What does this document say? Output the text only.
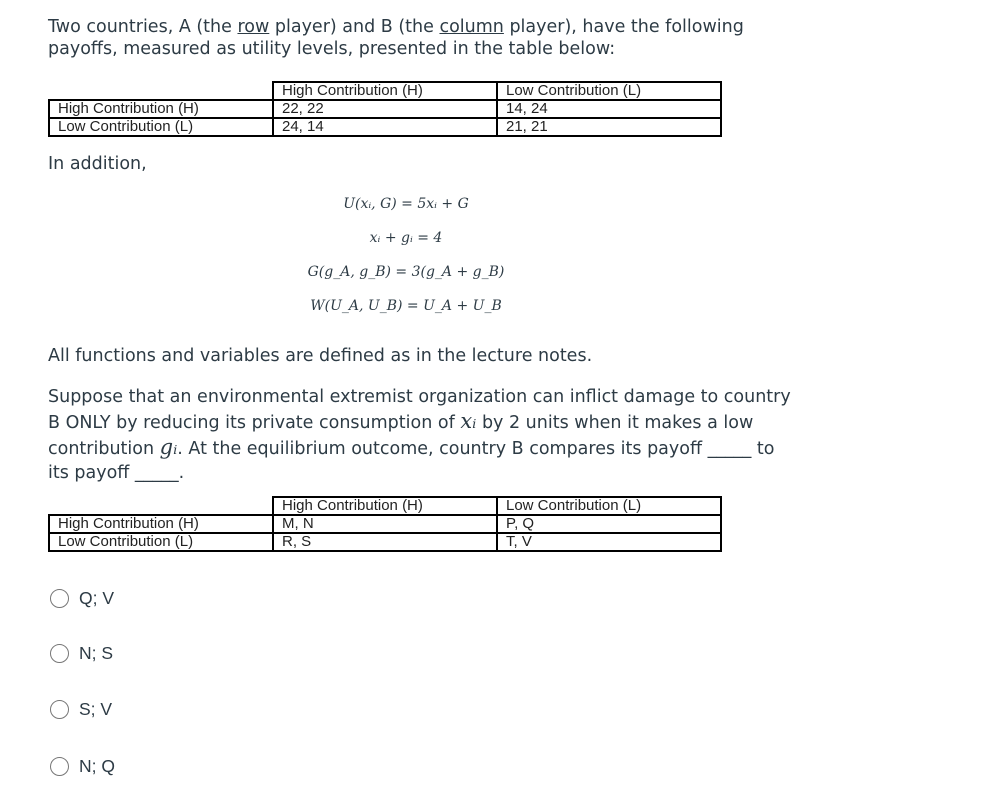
Two countries, A (the row player) and B (the column player), have the following
payoffs, measured as utility levels, presented in the table below:
	High Contribution (H)	Low Contribution (L)
High Contribution (H)	22, 22	14, 24
Low Contribution (L)	24, 14	21, 21
In addition,
U(xᵢ, G) = 5xᵢ + G
xᵢ + gᵢ = 4
G(g_A, g_B) = 3(g_A + g_B)
W(U_A, U_B) = U_A + U_B
All functions and variables are defined as in the lecture notes.
Suppose that an environmental extremist organization can inflict damage to country
B ONLY by reducing its private consumption of xᵢ by 2 units when it makes a low
contribution gᵢ. At the equilibrium outcome, country B compares its payoff _____ to
its payoff _____.
	High Contribution (H)	Low Contribution (L)
High Contribution (H)	M, N	P, Q
Low Contribution (L)	R, S	T, V
Q; V
N; S
S; V
N; Q
